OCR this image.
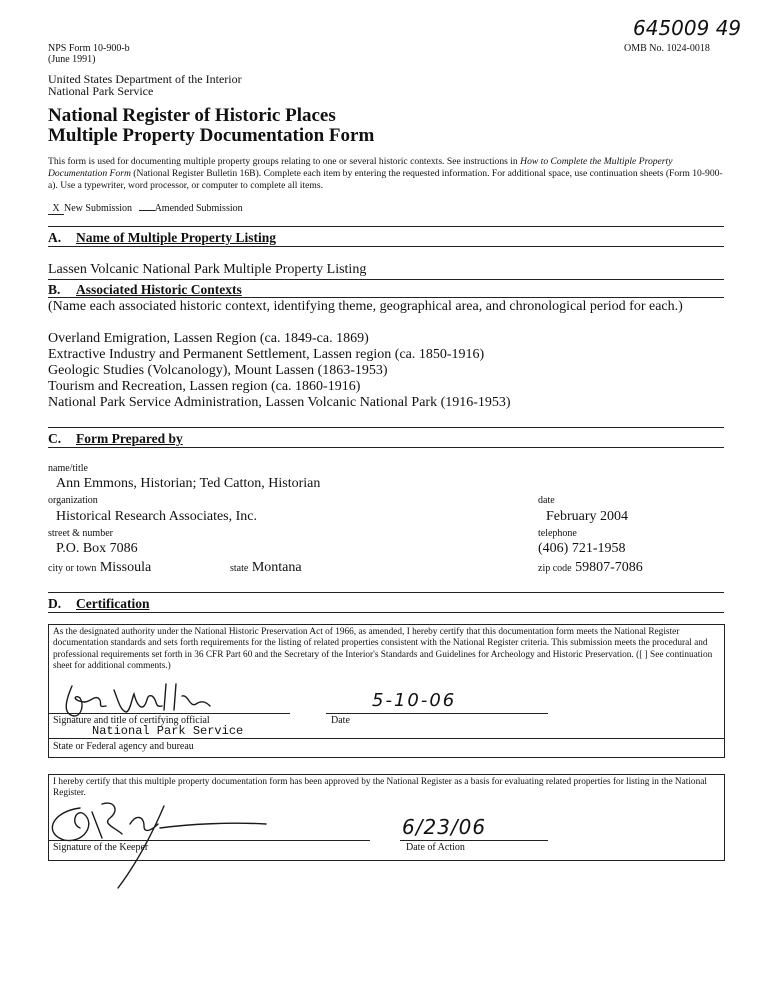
645009 49
NPS Form 10-900-b
(June 1991)
OMB No. 1024-0018
United States Department of the Interior
National Park Service
National Register of Historic Places
Multiple Property Documentation Form
This form is used for documenting multiple property groups relating to one or several historic contexts. See instructions in How to Complete the Multiple Property Documentation Form (National Register Bulletin 16B). Complete each item by entering the requested information. For additional space, use continuation sheets (Form 10-900-a). Use a typewriter, word processor, or computer to complete all items.
X New Submission Amended Submission
A. Name of Multiple Property Listing
Lassen Volcanic National Park Multiple Property Listing
B. Associated Historic Contexts
(Name each associated historic context, identifying theme, geographical area, and chronological period for each.)
Overland Emigration, Lassen Region (ca. 1849-ca. 1869)
Extractive Industry and Permanent Settlement, Lassen region (ca. 1850-1916)
Geologic Studies (Volcanology), Mount Lassen (1863-1953)
Tourism and Recreation, Lassen region (ca. 1860-1916)
National Park Service Administration, Lassen Volcanic National Park (1916-1953)
C. Form Prepared by
name/title
Ann Emmons, Historian; Ted Catton, Historian
organization
Historical Research Associates, Inc.
date
February 2004
street & number
P.O. Box 7086
telephone
(406) 721-1958
city or town Missoula	state Montana	zip code 59807-7086
D. Certification
As the designated authority under the National Historic Preservation Act of 1966, as amended, I hereby certify that this documentation form meets the National Register documentation standards and sets forth requirements for the listing of related properties consistent with the National Register criteria. This submission meets the procedural and professional requirements set forth in 36 CFR Part 60 and the Secretary of the Interior's Standards and Guidelines for Archeology and Historic Preservation. ([ ] See continuation sheet for additional comments.)
5-10-06
Signature and title of certifying official	Date
National Park Service
State or Federal agency and bureau
I hereby certify that this multiple property documentation form has been approved by the National Register as a basis for evaluating related properties for listing in the National Register.
6/23/06
Signature of the Keeper	Date of Action
